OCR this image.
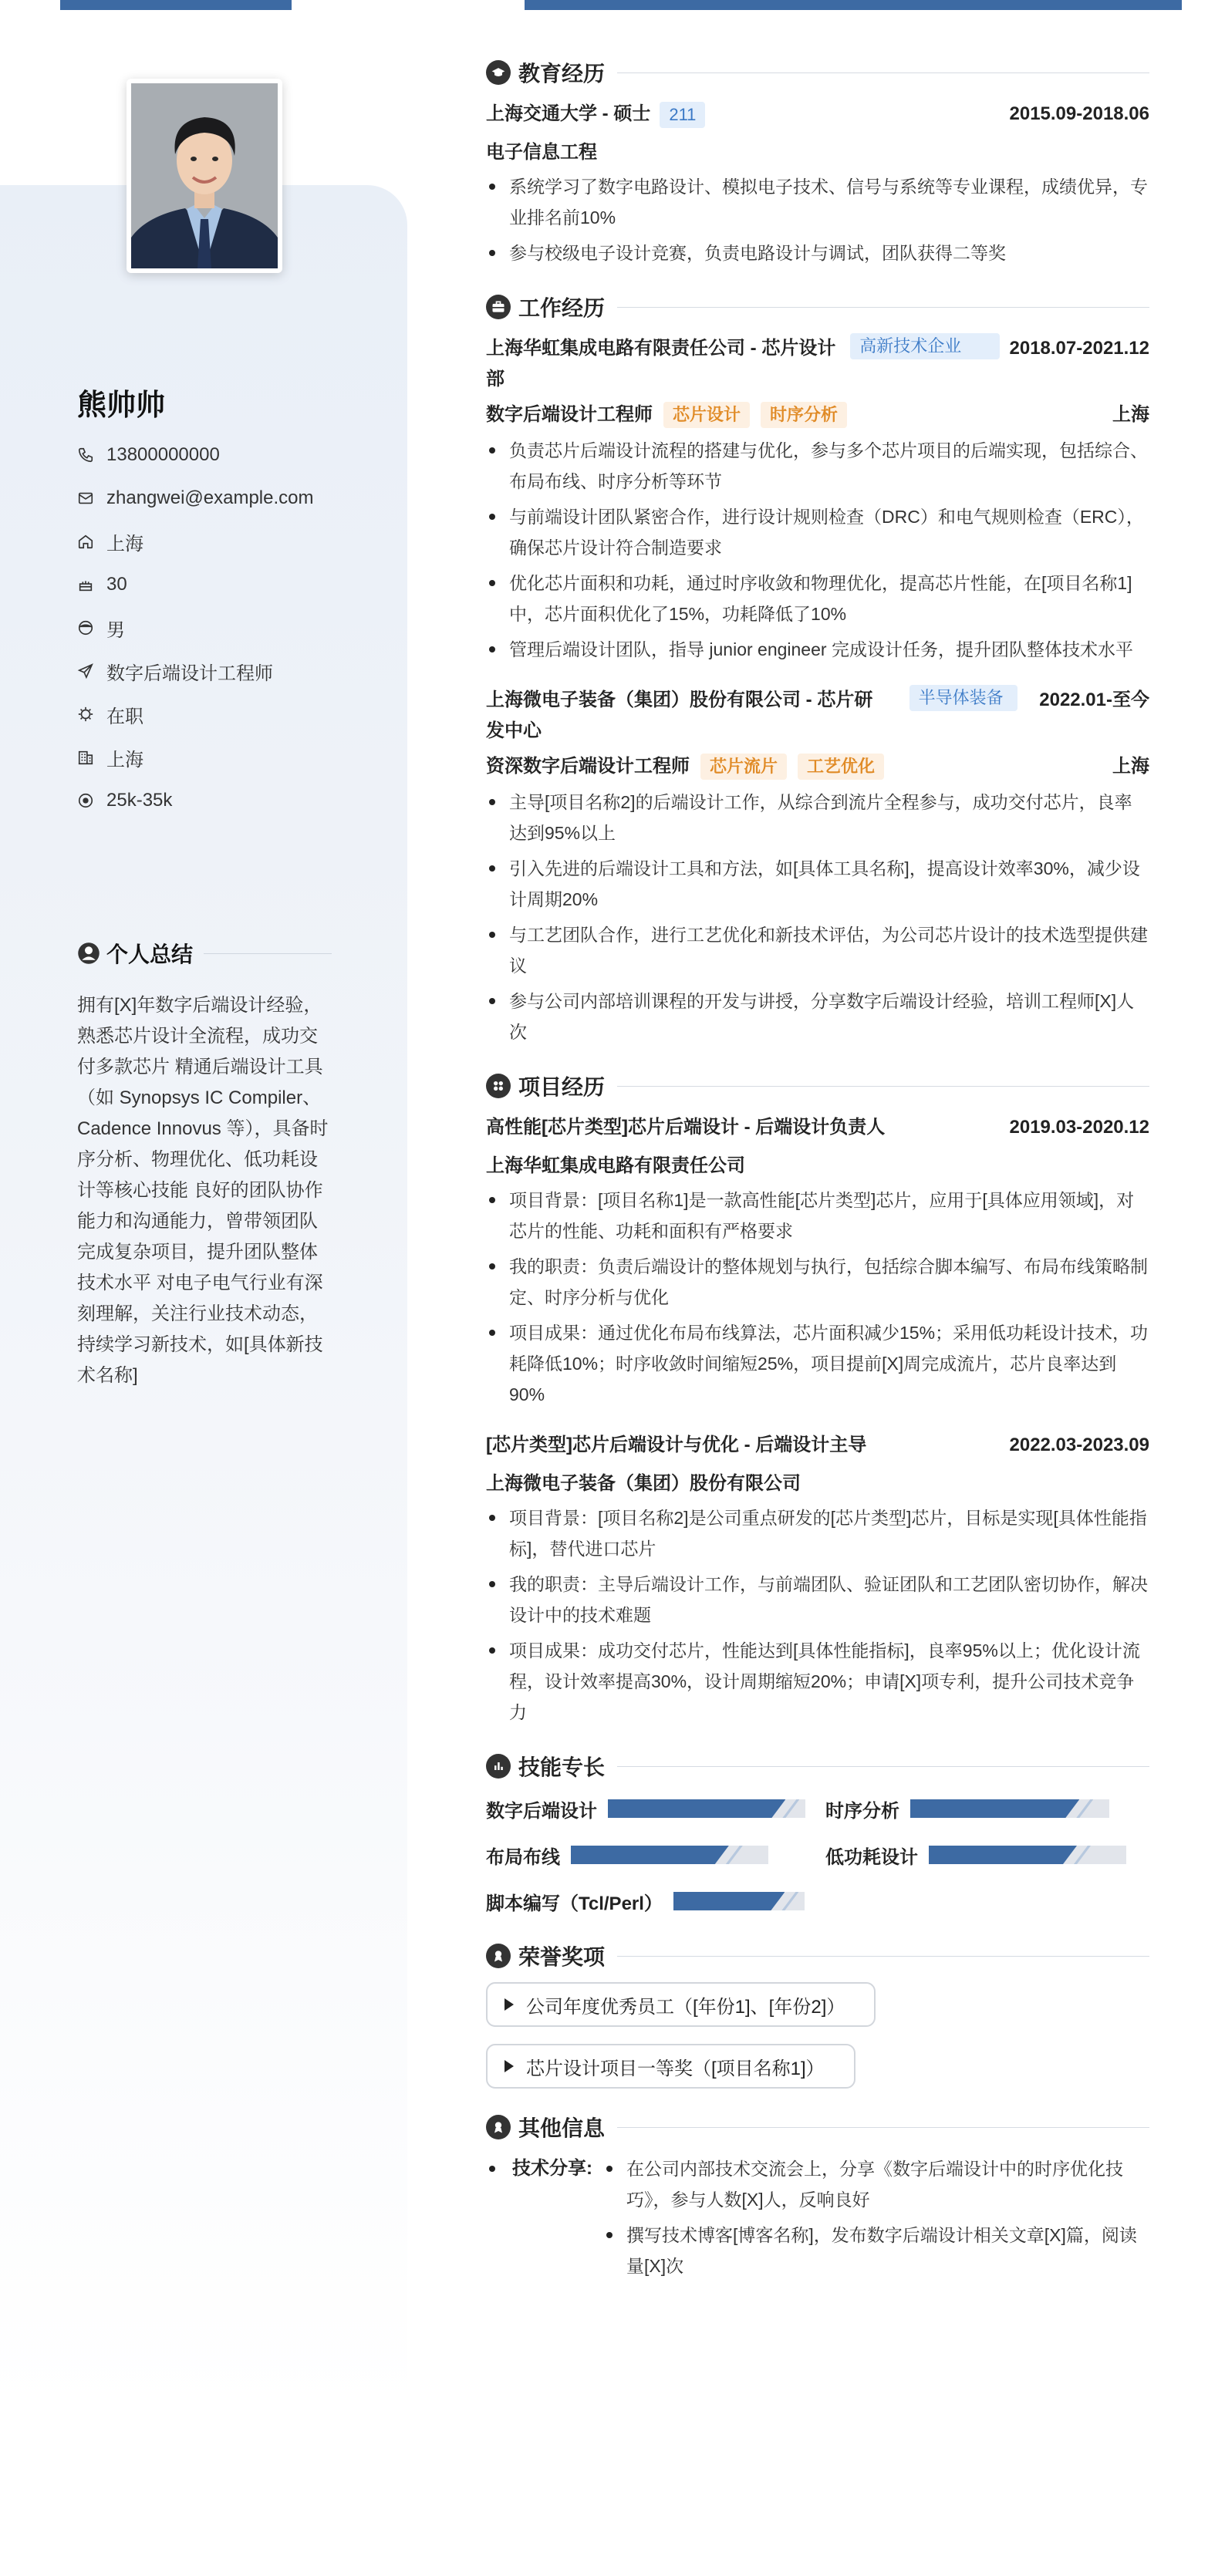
熊帅帅
13800000000
zhangwei@example.com
上海
30
男
数字后端设计工程师
在职
上海
25k-35k
个人总结
拥有[X]年数字后端设计经验，熟悉芯片设计全流程，成功交付多款芯片 精通后端设计工具（如 Synopsys IC Compiler、Cadence Innovus 等），具备时序分析、物理优化、低功耗设计等核心技能 良好的团队协作能力和沟通能力，曾带领团队完成复杂项目，提升团队整体技术水平 对电子电气行业有深刻理解，关注行业技术动态，持续学习新技术，如[具体新技术名称]
教育经历
上海交通大学 - 硕士 211	2015.09-2018.06
电子信息工程
系统学习了数字电路设计、模拟电子技术、信号与系统等专业课程，成绩优异，专业排名前10%
参与校级电子设计竞赛，负责电路设计与调试，团队获得二等奖
工作经历
上海华虹集成电路有限责任公司 - 芯片设计部
高新技术企业	2018.07-2021.12
数字后端设计工程师 芯片设计 时序分析	上海
负责芯片后端设计流程的搭建与优化，参与多个芯片项目的后端实现，包括综合、布局布线、时序分析等环节
与前端设计团队紧密合作，进行设计规则检查（DRC）和电气规则检查（ERC），确保芯片设计符合制造要求
优化芯片面积和功耗，通过时序收敛和物理优化，提高芯片性能，在[项目名称1]中，芯片面积优化了15%，功耗降低了10%
管理后端设计团队，指导 junior engineer 完成设计任务，提升团队整体技术水平
上海微电子装备（集团）股份有限公司 - 芯片研发中心
半导体装备	2022.01-至今
资深数字后端设计工程师 芯片流片 工艺优化	上海
主导[项目名称2]的后端设计工作，从综合到流片全程参与，成功交付芯片，良率达到95%以上
引入先进的后端设计工具和方法，如[具体工具名称]，提高设计效率30%，减少设计周期20%
与工艺团队合作，进行工艺优化和新技术评估，为公司芯片设计的技术选型提供建议
参与公司内部培训课程的开发与讲授，分享数字后端设计经验，培训工程师[X]人次
项目经历
高性能[芯片类型]芯片后端设计 - 后端设计负责人	2019.03-2020.12
上海华虹集成电路有限责任公司
项目背景：[项目名称1]是一款高性能[芯片类型]芯片，应用于[具体应用领域]，对芯片的性能、功耗和面积有严格要求
我的职责：负责后端设计的整体规划与执行，包括综合脚本编写、布局布线策略制定、时序分析与优化
项目成果：通过优化布局布线算法，芯片面积减少15%；采用低功耗设计技术，功耗降低10%；时序收敛时间缩短25%，项目提前[X]周完成流片，芯片良率达到90%
[芯片类型]芯片后端设计与优化 - 后端设计主导	2022.03-2023.09
上海微电子装备（集团）股份有限公司
项目背景：[项目名称2]是公司重点研发的[芯片类型]芯片，目标是实现[具体性能指标]，替代进口芯片
我的职责：主导后端设计工作，与前端团队、验证团队和工艺团队密切协作，解决设计中的技术难题
项目成果：成功交付芯片，性能达到[具体性能指标]，良率95%以上；优化设计流程，设计效率提高30%，设计周期缩短20%；申请[X]项专利，提升公司技术竞争力
技能专长
数字后端设计	时序分析
布局布线	低功耗设计
脚本编写（Tcl/Perl）
荣誉奖项
公司年度优秀员工（[年份1]、[年份2]）

芯片设计项目一等奖（[项目名称1]）
其他信息
技术分享:	在公司内部技术交流会上，分享《数字后端设计中的时序优化技巧》，参与人数[X]人，反响良好
撰写技术博客[博客名称]，发布数字后端设计相关文章[X]篇，阅读量[X]次
